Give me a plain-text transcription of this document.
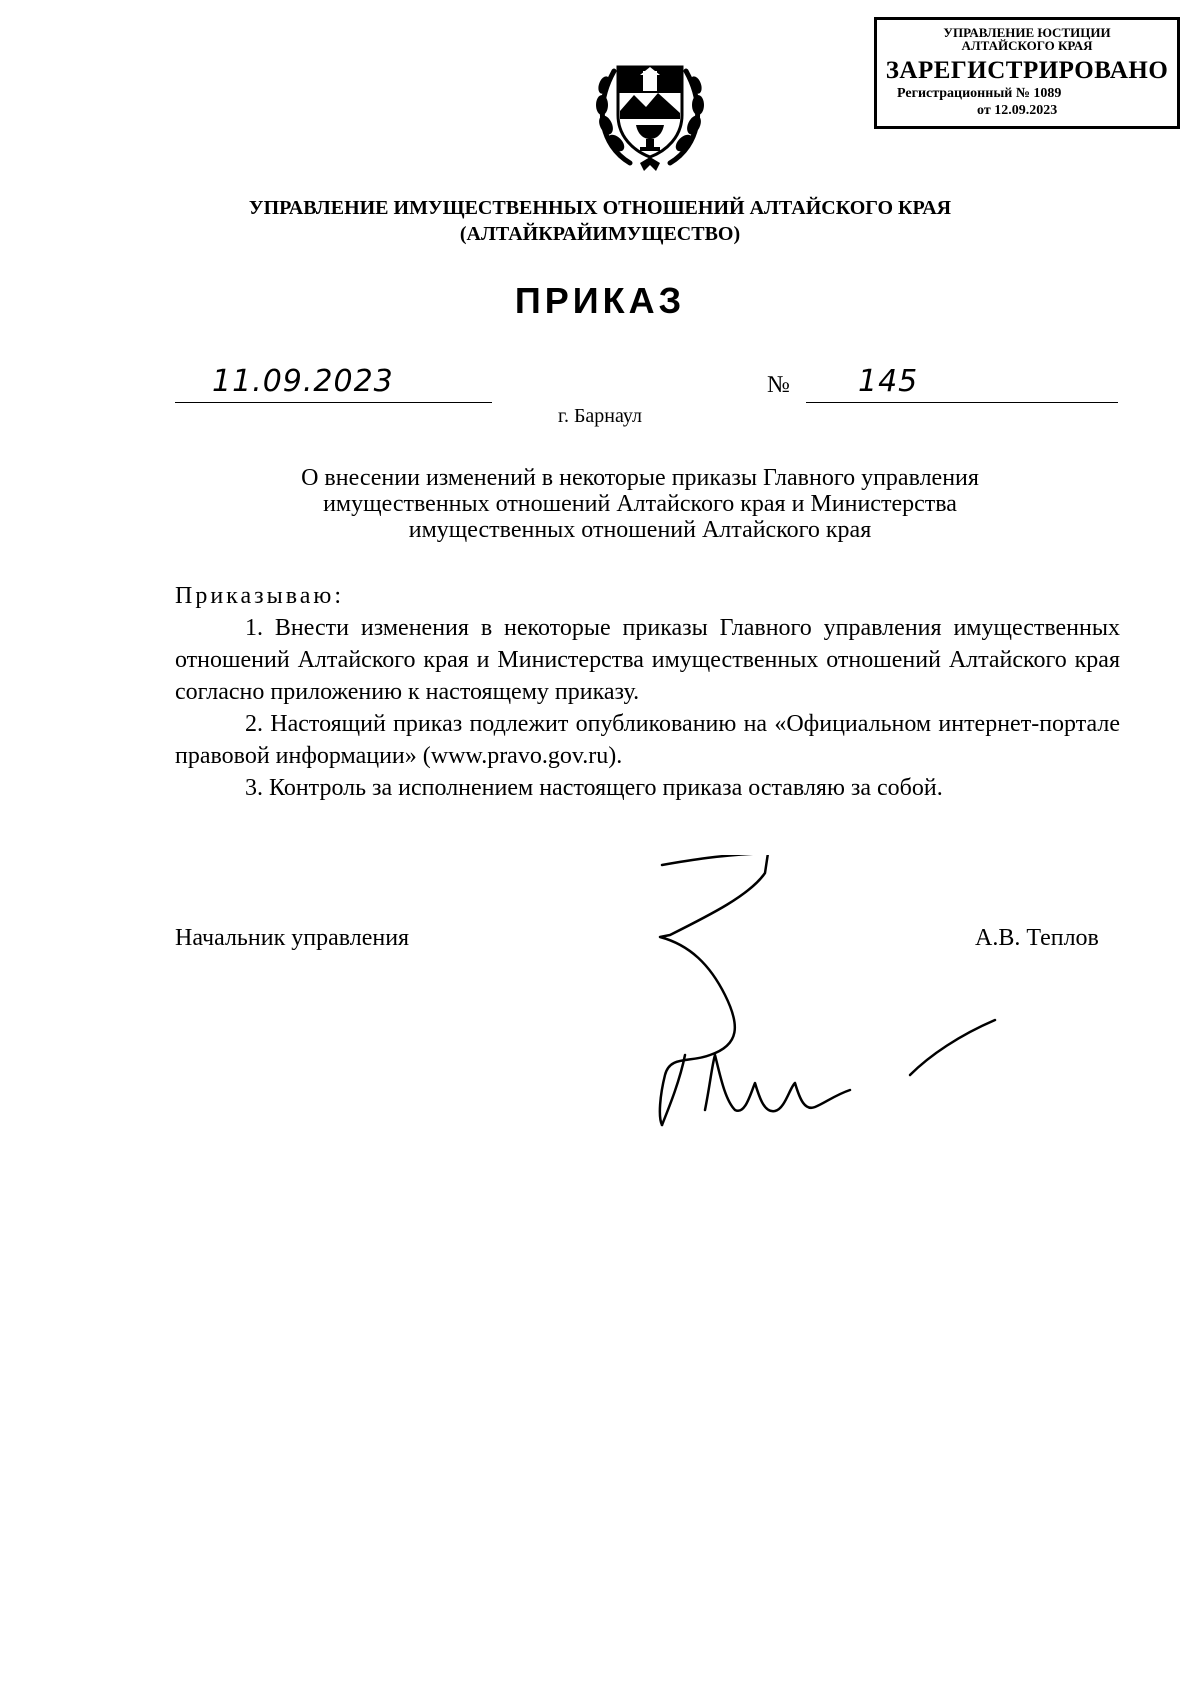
УПРАВЛЕНИЕ ЮСТИЦИИ
АЛТАЙСКОГО КРАЯ
ЗАРЕГИСТРИРОВАНО
Регистрационный № 1089
от 12.09.2023
УПРАВЛЕНИЕ ИМУЩЕСТВЕННЫХ ОТНОШЕНИЙ АЛТАЙСКОГО КРАЯ
(АЛТАЙКРАЙИМУЩЕСТВО)
ПРИКАЗ
11.09.2023	№ 145
г. Барнаул
О внесении изменений в некоторые приказы Главного управления
имущественных отношений Алтайского края и Министерства
имущественных отношений Алтайского края
Приказываю:

1. Внести изменения в некоторые приказы Главного управления имущественных отношений Алтайского края и Министерства имущественных отношений Алтайского края согласно приложению к настоящему приказу.

2. Настоящий приказ подлежит опубликованию на «Официальном интернет-портале правовой информации» (www.pravo.gov.ru).

3. Контроль за исполнением настоящего приказа оставляю за собой.

Начальник управления	А.В. Теплов
